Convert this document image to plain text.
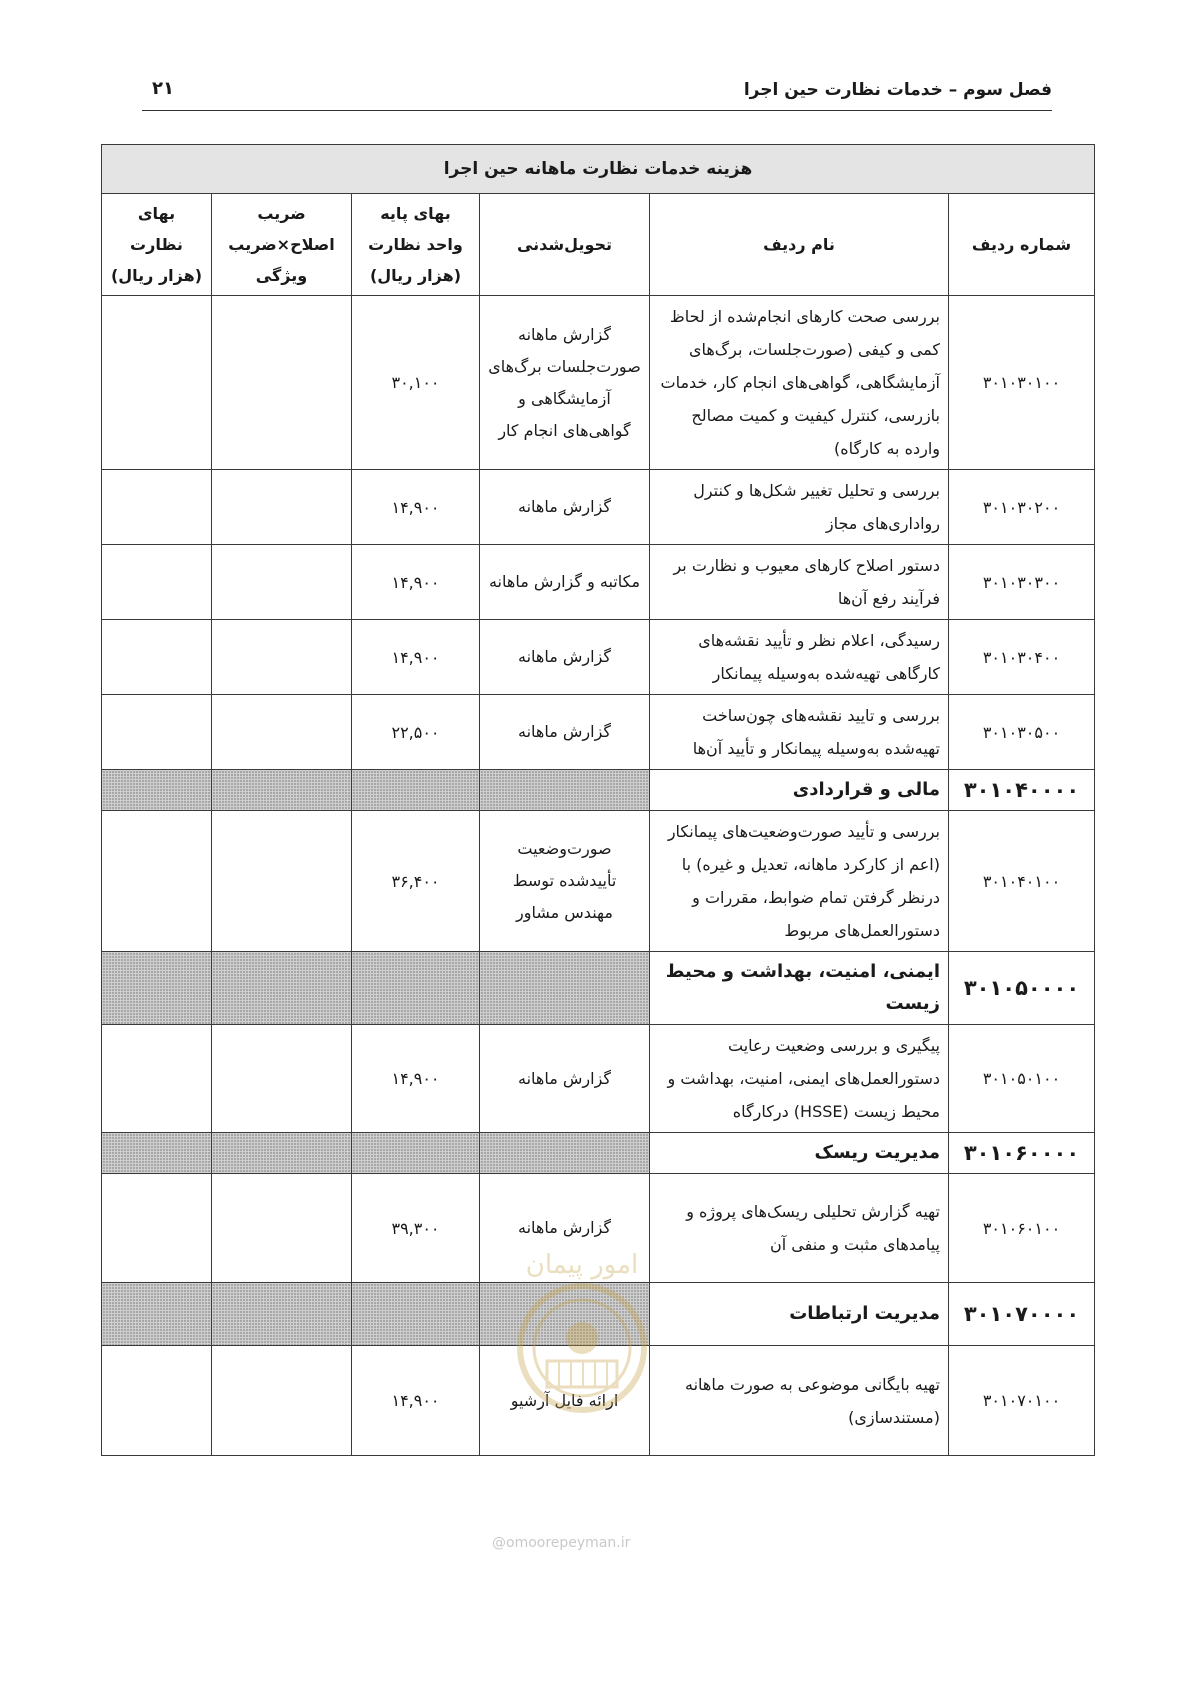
فصل سوم – خدمات نظارت حین اجرا
۲۱
هزینه خدمات نظارت ماهانه حین اجرا					
شماره ردیف	نام ردیف	تحویل‌شدنی	بهای پایه واحد نظارت (هزار ریال)	ضریب اصلاح×ضریب ویژگی	بهای نظارت (هزار ریال)
۳۰۱۰۳۰۱۰۰	بررسی صحت کارهای انجام‌شده از لحاظ کمی و کیفی (صورت‌جلسات، برگ‌های آزمایشگاهی، گواهی‌های انجام کار، خدمات بازرسی، کنترل کیفیت و کمیت مصالح وارده به کارگاه)	گزارش ماهانه صورت‌جلسات برگ‌های آزمایشگاهی و گواهی‌های انجام کار	۳۰,۱۰۰		
۳۰۱۰۳۰۲۰۰	بررسی و تحلیل تغییر شکل‌ها و کنترل رواداری‌های مجاز	گزارش ماهانه	۱۴,۹۰۰		
۳۰۱۰۳۰۳۰۰	دستور اصلاح کارهای معیوب و نظارت بر فرآیند رفع آن‌ها	مکاتبه و گزارش ماهانه	۱۴,۹۰۰		
۳۰۱۰۳۰۴۰۰	رسیدگی، اعلام نظر و تأیید نقشه‌های کارگاهی تهیه‌شده به‌وسیله پیمانکار	گزارش ماهانه	۱۴,۹۰۰		
۳۰۱۰۳۰۵۰۰	بررسی و تایید نقشه‌های چون‌ساخت تهیه‌شده به‌وسیله پیمانکار و تأیید آن‌ها	گزارش ماهانه	۲۲,۵۰۰		
۳۰۱۰۴۰۰۰۰	مالی و قراردادی				
۳۰۱۰۴۰۱۰۰	بررسی و تأیید صورت‌وضعیت‌های پیمانکار (اعم از کارکرد ماهانه، تعدیل و غیره) با درنظر گرفتن تمام ضوابط، مقررات و دستورالعمل‌های مربوط	صورت‌وضعیت تأییدشده توسط مهندس مشاور	۳۶,۴۰۰		
۳۰۱۰۵۰۰۰۰	ایمنی، امنیت، بهداشت و محیط زیست				
۳۰۱۰۵۰۱۰۰	پیگیری و بررسی وضعیت رعایت دستورالعمل‌های ایمنی، امنیت، بهداشت و محیط زیست (HSSE) درکارگاه	گزارش ماهانه	۱۴,۹۰۰		
۳۰۱۰۶۰۰۰۰	مدیریت ریسک				
۳۰۱۰۶۰۱۰۰	تهیه گزارش تحلیلی ریسک‌های پروژه و پیامدهای مثبت و منفی آن	گزارش ماهانه	۳۹,۳۰۰		
۳۰۱۰۷۰۰۰۰	مدیریت ارتباطات				
۳۰۱۰۷۰۱۰۰	تهیه بایگانی موضوعی به صورت ماهانه (مستندسازی)	ارائه فایل آرشیو	۱۴,۹۰۰		
امور پیمان
@omoorepeyman.ir
